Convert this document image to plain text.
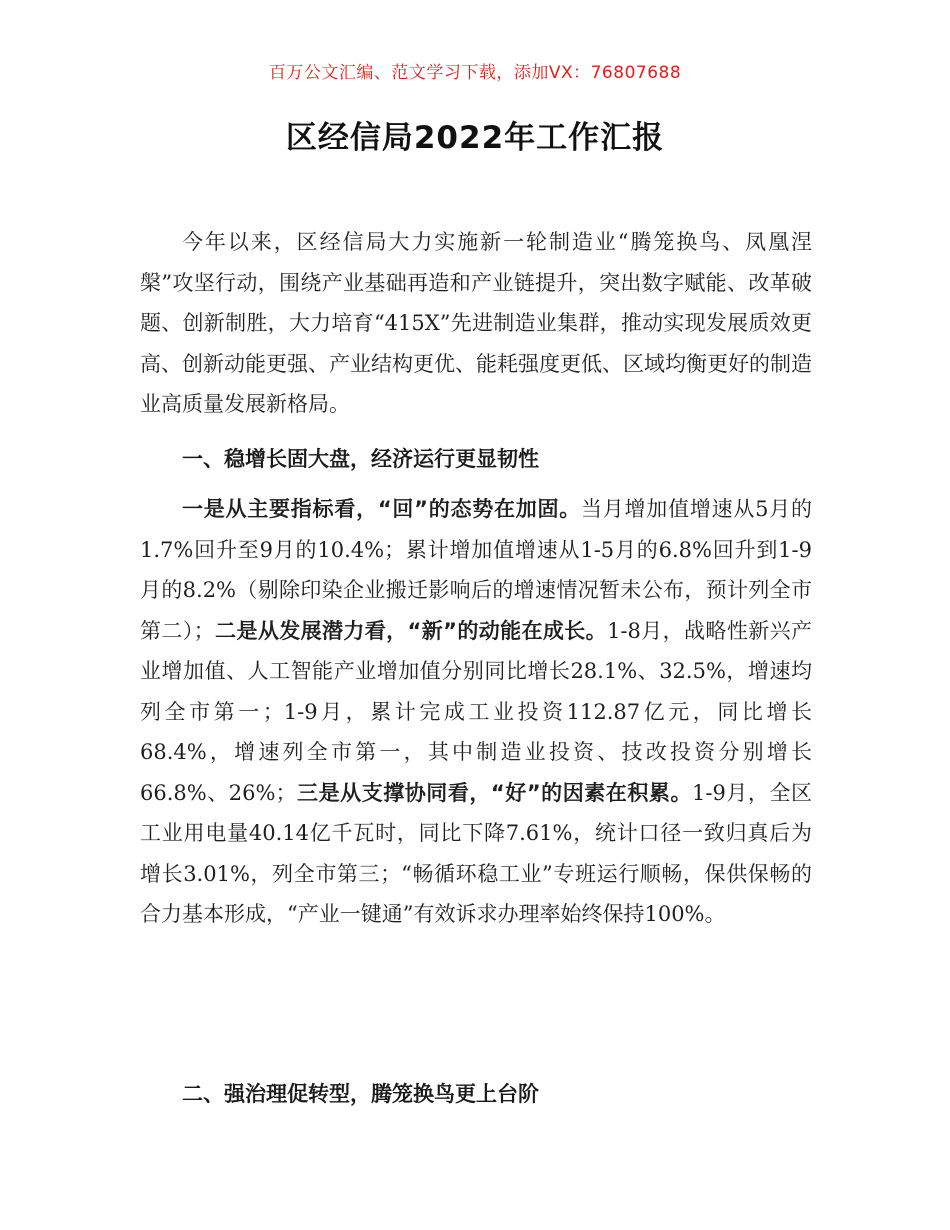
百万公文汇编、范文学习下载，添加VX：76807688
区经信局2022年工作汇报

今年以来，区经信局大力实施新一轮制造业“腾笼换鸟、凤凰涅槃”攻坚行动，围绕产业基础再造和产业链提升，突出数字赋能、改革破题、创新制胜，大力培育“415X”先进制造业集群，推动实现发展质效更高、创新动能更强、产业结构更优、能耗强度更低、区域均衡更好的制造业高质量发展新格局。

一、稳增长固大盘，经济运行更显韧性

一是从主要指标看，“回”的态势在加固。当月增加值增速从5月的1.7%回升至9月的10.4%；累计增加值增速从1-5月的6.8%回升到1-9月的8.2%（剔除印染企业搬迁影响后的增速情况暂未公布，预计列全市第二）；二是从发展潜力看，“新”的动能在成长。1-8月，战略性新兴产业增加值、人工智能产业增加值分别同比增长28.1%、32.5%，增速均列全市第一；1-9月，累计完成工业投资112.87亿元，同比增长68.4%，增速列全市第一，其中制造业投资、技改投资分别增长66.8%、26%；三是从支撑协同看，“好”的因素在积累。1-9月，全区工业用电量40.14亿千瓦时，同比下降7.61%，统计口径一致归真后为增长3.01%，列全市第三；“畅循环稳工业”专班运行顺畅，保供保畅的合力基本形成，“产业一键通”有效诉求办理率始终保持100%。

二、强治理促转型，腾笼换鸟更上台阶
